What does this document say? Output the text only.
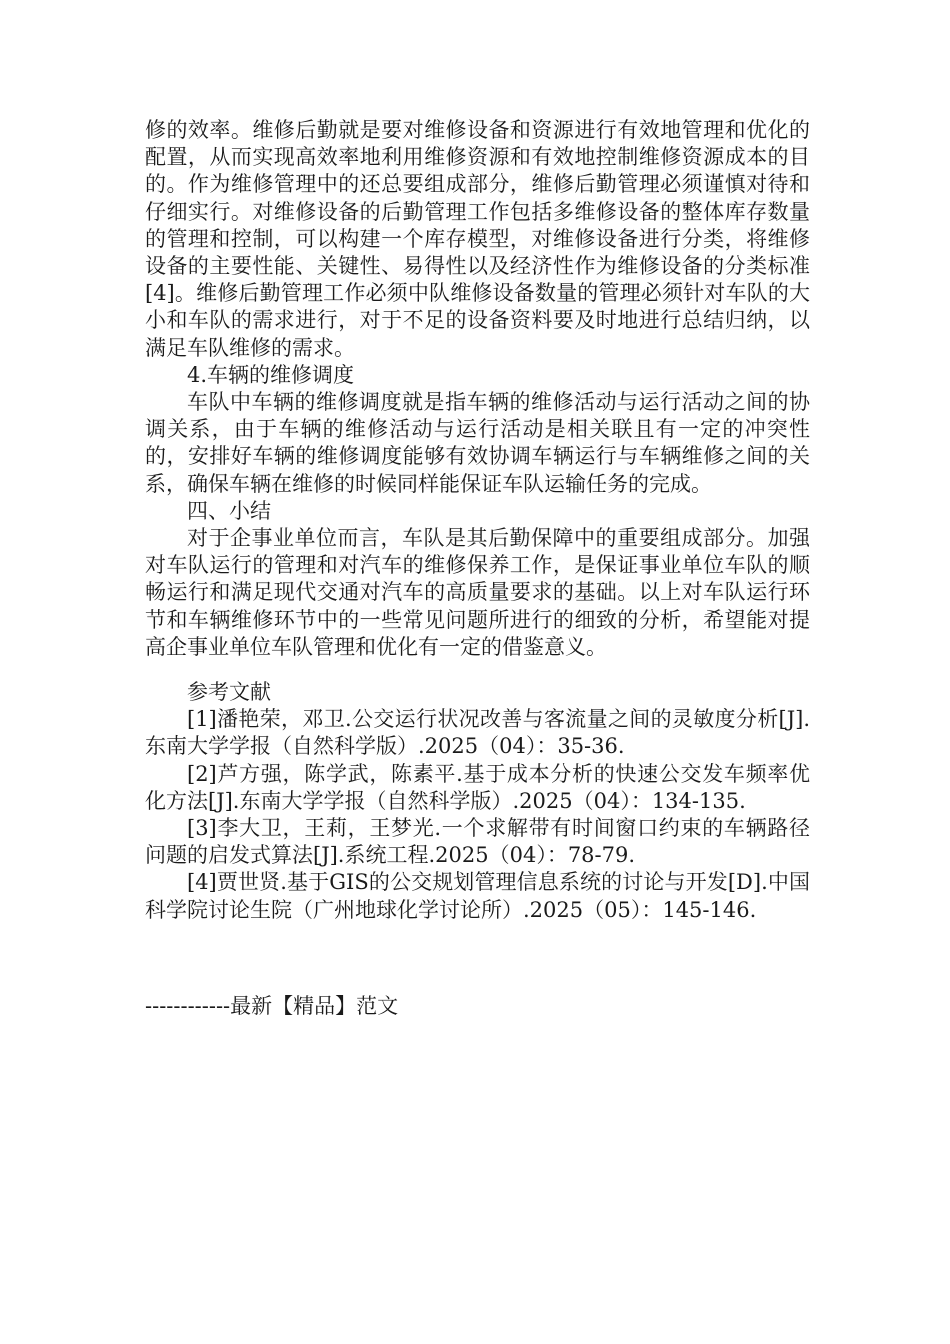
修的效率。维修后勤就是要对维修设备和资源进行有效地管理和优化的配置，从而实现高效率地利用维修资源和有效地控制维修资源成本的目的。作为维修管理中的还总要组成部分，维修后勤管理必须谨慎对待和仔细实行。对维修设备的后勤管理工作包括多维修设备的整体库存数量的管理和控制，可以构建一个库存模型，对维修设备进行分类，将维修设备的主要性能、关键性、易得性以及经济性作为维修设备的分类标准[4]。维修后勤管理工作必须中队维修设备数量的管理必须针对车队的大小和车队的需求进行，对于不足的设备资料要及时地进行总结归纳，以满足车队维修的需求。

4.车辆的维修调度

车队中车辆的维修调度就是指车辆的维修活动与运行活动之间的协调关系，由于车辆的维修活动与运行活动是相关联且有一定的冲突性的，安排好车辆的维修调度能够有效协调车辆运行与车辆维修之间的关系，确保车辆在维修的时候同样能保证车队运输任务的完成。

四、小结

对于企事业单位而言，车队是其后勤保障中的重要组成部分。加强对车队运行的管理和对汽车的维修保养工作，是保证事业单位车队的顺畅运行和满足现代交通对汽车的高质量要求的基础。以上对车队运行环节和车辆维修环节中的一些常见问题所进行的细致的分析，希望能对提高企事业单位车队管理和优化有一定的借鉴意义。

参考文献

[1]潘艳荣，邓卫.公交运行状况改善与客流量之间的灵敏度分析[J].东南大学学报（自然科学版）.2025（04）：35-36.

[2]芦方强，陈学武，陈素平.基于成本分析的快速公交发车频率优化方法[J].东南大学学报（自然科学版）.2025（04）：134-135.

[3]李大卫，王莉，王梦光.一个求解带有时间窗口约束的车辆路径问题的启发式算法[J].系统工程.2025（04）：78-79.

[4]贾世贤.基于GIS的公交规划管理信息系统的讨论与开发[D].中国科学院讨论生院（广州地球化学讨论所）.2025（05）：145-146.

------------最新【精品】范文
